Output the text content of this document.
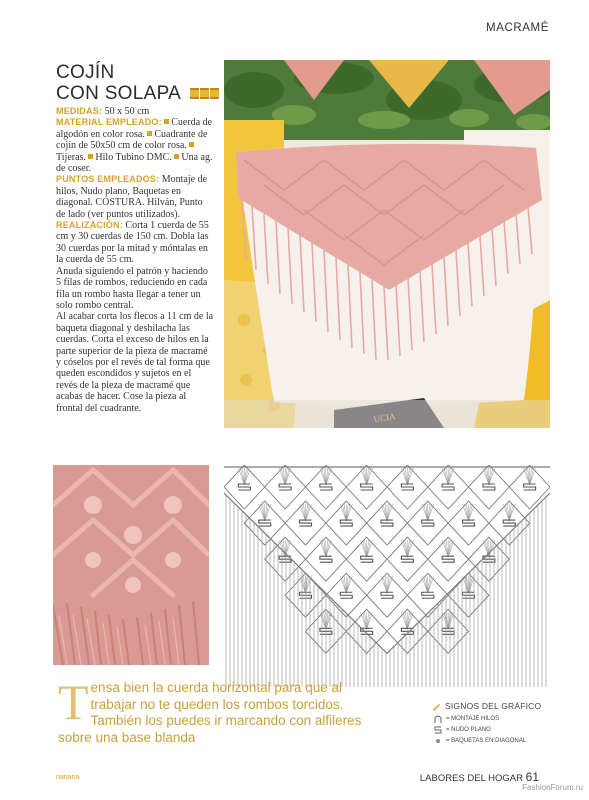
MACRAMÉ
COJÍN
CON SOLAPA

MEDIDAS: 50 x 50 cm

MATERIAL EMPLEADO: Cuerda de algodón en color rosa. Cuadrante de cojín de 50x50 cm de color rosa. Tijeras. Hilo Tubino DMC. Una ag. de coser.

PUNTOS EMPLEADOS: Montaje de hilos, Nudo plano, Baquetas en diagonal. COSTURA. Hilván, Punto de lado (ver puntos utilizados).

REALIZACIÓN: Corta 1 cuerda de 55 cm y 30 cuerdas de 150 cm. Dobla las 30 cuerdas por la mitad y móntalas en la cuerda de 55 cm.

Anuda siguiendo el patrón y haciendo 5 filas de rombos, reduciendo en cada fila un rombo hasta llegar a tener un solo rombo central.

Al acabar corta los flecos a 11 cm de la baqueta diagonal y deshilacha las cuerdas. Corta el exceso de hilos en la parte superior de la pieza de macramé y cóselos por el revés de tal forma que queden escondidos y sujetos en el revés de la pieza de macramé que acabas de hacer. Cose la pieza al frontal del cuadrante.

T ensa bien la cuerda horizontal para que al trabajar no te queden los rombos torcidos. También los puedes ir marcando con alfileres sobre una base blanda
SIGNOS DEL GRÁFICO
= MONTAJE HILOS
= NUDO PLANO
= BAQUETAS EN DIAGONAL
nanana	LABORES DEL HOGAR 61
FashionForum.ru
